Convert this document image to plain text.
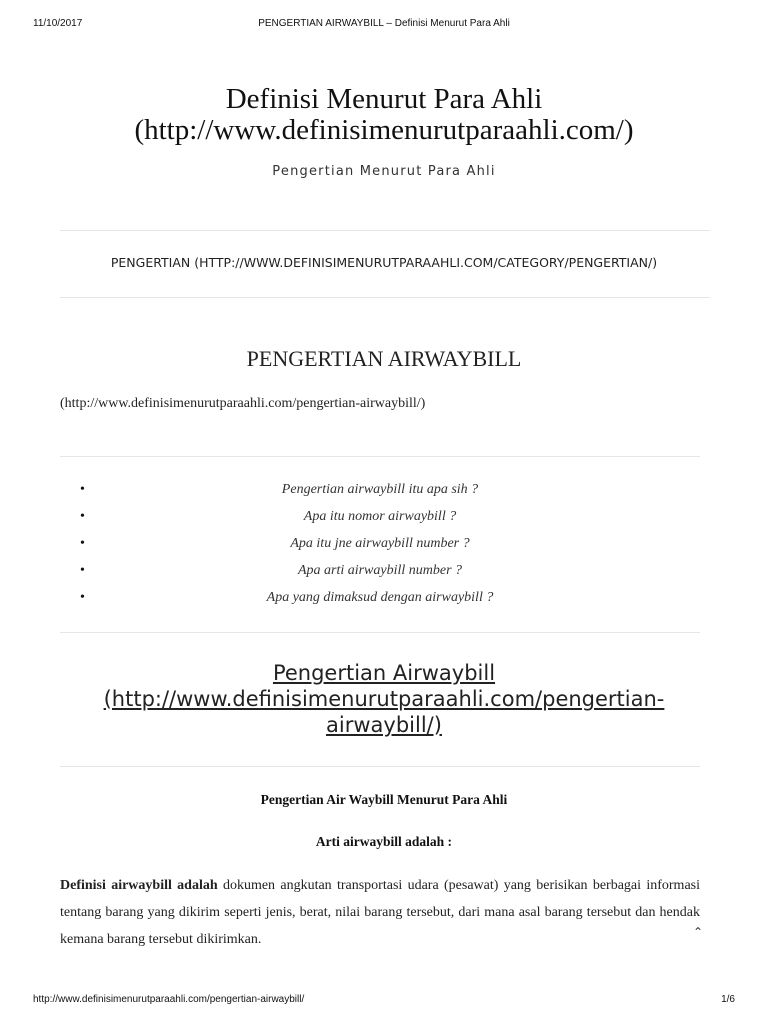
11/10/2017	PENGERTIAN AIRWAYBILL – Definisi Menurut Para Ahli
Definisi Menurut Para Ahli
(http://www.definisimenurutparaahli.com/)
Pengertian Menurut Para Ahli
PENGERTIAN (HTTP://WWW.DEFINISIMENURUTPARAAHLI.COM/CATEGORY/PENGERTIAN/)
PENGERTIAN AIRWAYBILL
(http://www.definisimenurutparaahli.com/pengertian-airwaybill/)
• Pengertian airwaybill itu apa sih ?
• Apa itu nomor airwaybill ?
• Apa itu jne airwaybill number ?
• Apa arti airwaybill number ?
• Apa yang dimaksud dengan airwaybill ?
Pengertian Airwaybill
(http://www.definisimenurutparaahli.com/pengertian-
airwaybill/)
Pengertian Air Waybill Menurut Para Ahli
Arti airwaybill adalah :

Definisi airwaybill adalah dokumen angkutan transportasi udara (pesawat) yang berisikan berbagai informasi tentang barang yang dikirim seperti jenis, berat, nilai barang tersebut, dari mana asal barang tersebut dan hendak kemana barang tersebut dikirimkan.	⌃
http://www.definisimenurutparaahli.com/pengertian-airwaybill/	1/6
